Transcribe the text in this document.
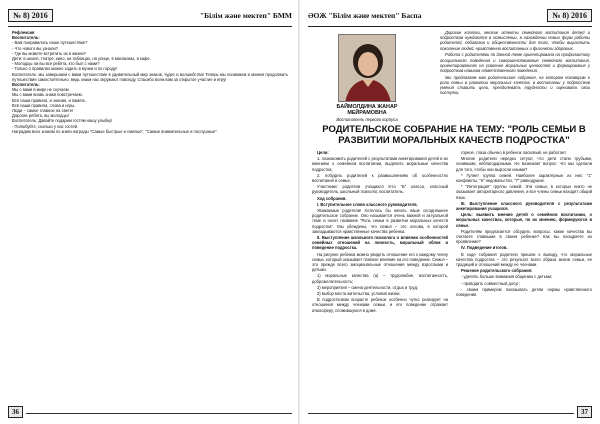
№ 8) 2016	"Бiлiм және мектеп" БММ

Рефлексия

Воспитатель:

- Вам понравилось наше путешествие?

- Что нового вы узнали?

- Где вы можете встретить их в жизни?

Дети: в школе, театре, кино, на таблицах, на улице, в магазинах, в кафе.

- Молодцы ли вы все ребята, кто был с нами?

- Только о правилах можно ходить в музеи и по городу!

Воспитатель: мы завершаем с вами путешествие в удивительный мир знаков, чудес и волшебства! Теперь мы понимаем и можем продолжать путешествие самостоятельно, ведь знаки нас окружают повсюду. Спасибо всем вам за открытое участие и игру!

Воспитатель:

Мы с вами в мире не скучаем.

Мы с вами вновь знаки повстречаем.

Всё наши правила, и знания, и память.

Всё наши правила, слова и игры.

Люди – самое главное на свете!

Дорогие ребята, вы молодцы!

Воспитатель: Давайте подарим гостям нашу улыбку!

- Полюбуйте, сколько у нас гостей.

Наградим всех знаком по книги награды "Самые быстрые и смелые", "Самые внимательные и послушные".

36
ӘОЖ "Бiлiм және мектеп" Баспа	№ 8) 2016
37
БАЙМОЛДИНА ЖАНАР МЕЙРАМОВНА
Воспитатель первого корпуса

Дорогие коллеги, многие аспекты семейного воспитания детей и подростков нуждаются в осмыслении, в нахождении новых форм работы родителей, педагогов и общественности для того, чтобы вырастить поколение людей, нравственно воспитанных и физически здоровых.

Работа с родителями по данной теме ориентирована на профилактику асоциального поведения и совершенствование семейного воспитания, ориентированного на усвоение моральных ценностей и формирование у подростков навыков ответственного поведения.

Мы предлагаем вам родительское собрание, на котором поговорим о роли семьи в развитии моральных качеств, в воспитании у подростков умения ставить цели, преодолевать трудности и оценивать свои поступки.

РОДИТЕЛЬСКОЕ СОБРАНИЕ НА ТЕМУ: "РОЛЬ СЕМЬИ В РАЗВИТИИ МОРАЛЬНЫХ КАЧЕСТВ ПОДРОСТКА"

Цели:

1. познакомить родителей с результатами анкетирования детей и их мнением о семейном воспитании, выделить моральные качества подростка;

2. побудить родителей к размышлениям об особенностях воспитания в семье.

Участники: родители учащихся 8-го "Б" класса, классный руководитель, школьный психолог, воспитатель.

Ход собрания.

I. Вступительное слово классного руководителя.

Уважаемые родители! Хотелось бы начать наше сегодняшнее родительское собрание. Оно называется очень важной и актуальной теме и носит название "Роль семьи в развитии моральных качеств подростка". Мы убеждены, что семья – это основа, в которой закладываются нравственные качества ребенка.

II. Выступление школьного психолога о влиянии особенностей семейных отношений на личность, моральный облик и поведение подростка.

На рисунке ребенка можно увидеть отношение его к каждому члену семьи, который оказывает главное влияние на его поведение. Семья – это прежде всего эмоциональные отношения между взрослыми и детьми.

1) моральные качества (а) – трудолюбие, воспитанность, доброжелательность;

2) мероприятия – смена деятельности, отдых и труд;

3) выбор места жительства, условия жизни.

В подростковом возрасте ребенок особенно чутко реагирует на отношения между членами семьи, и его поведение отражает атмосферу, сложившуюся в доме.

горное, глаза обычно в ребенок ласковый, не работает.

Многие родители нередко сетуют, что дети стали грубыми, ленивыми, неблагодарными. Но возникает вопрос: что мы сделали для того, чтобы они выросли иными?

* Гуляет группа семей. Наиболее характерные из них: "1" конфликты, "6" недовольство, "7" равнодушие.

* "Интеграция" группы семей. Эти семьи, в которых никто не оказывает авторитарного давления, и все члены семьи находят общий язык.

III. Выступление классного руководителя с результатами анкетирования учащихся.

Цель: выявить мнение детей о семейном воспитании, о моральных качествах, которые, по их мнению, формируются в семье.

Родителям предлагается обсудить вопросы: какие качества вы считаете главными в своем ребенке? Как вы поощряете их проявление?

IV. Подведение итогов.

В ходе собрания родители пришли к выводу, что моральные качества подростка – это результат всего образа жизни семьи, ее традиций и отношений между ее членами.

Решение родительского собрания:

- уделять больше внимания общению с детьми;

- проводить совместный досуг;

- своим примером показывать детям нормы нравственного поведения.
